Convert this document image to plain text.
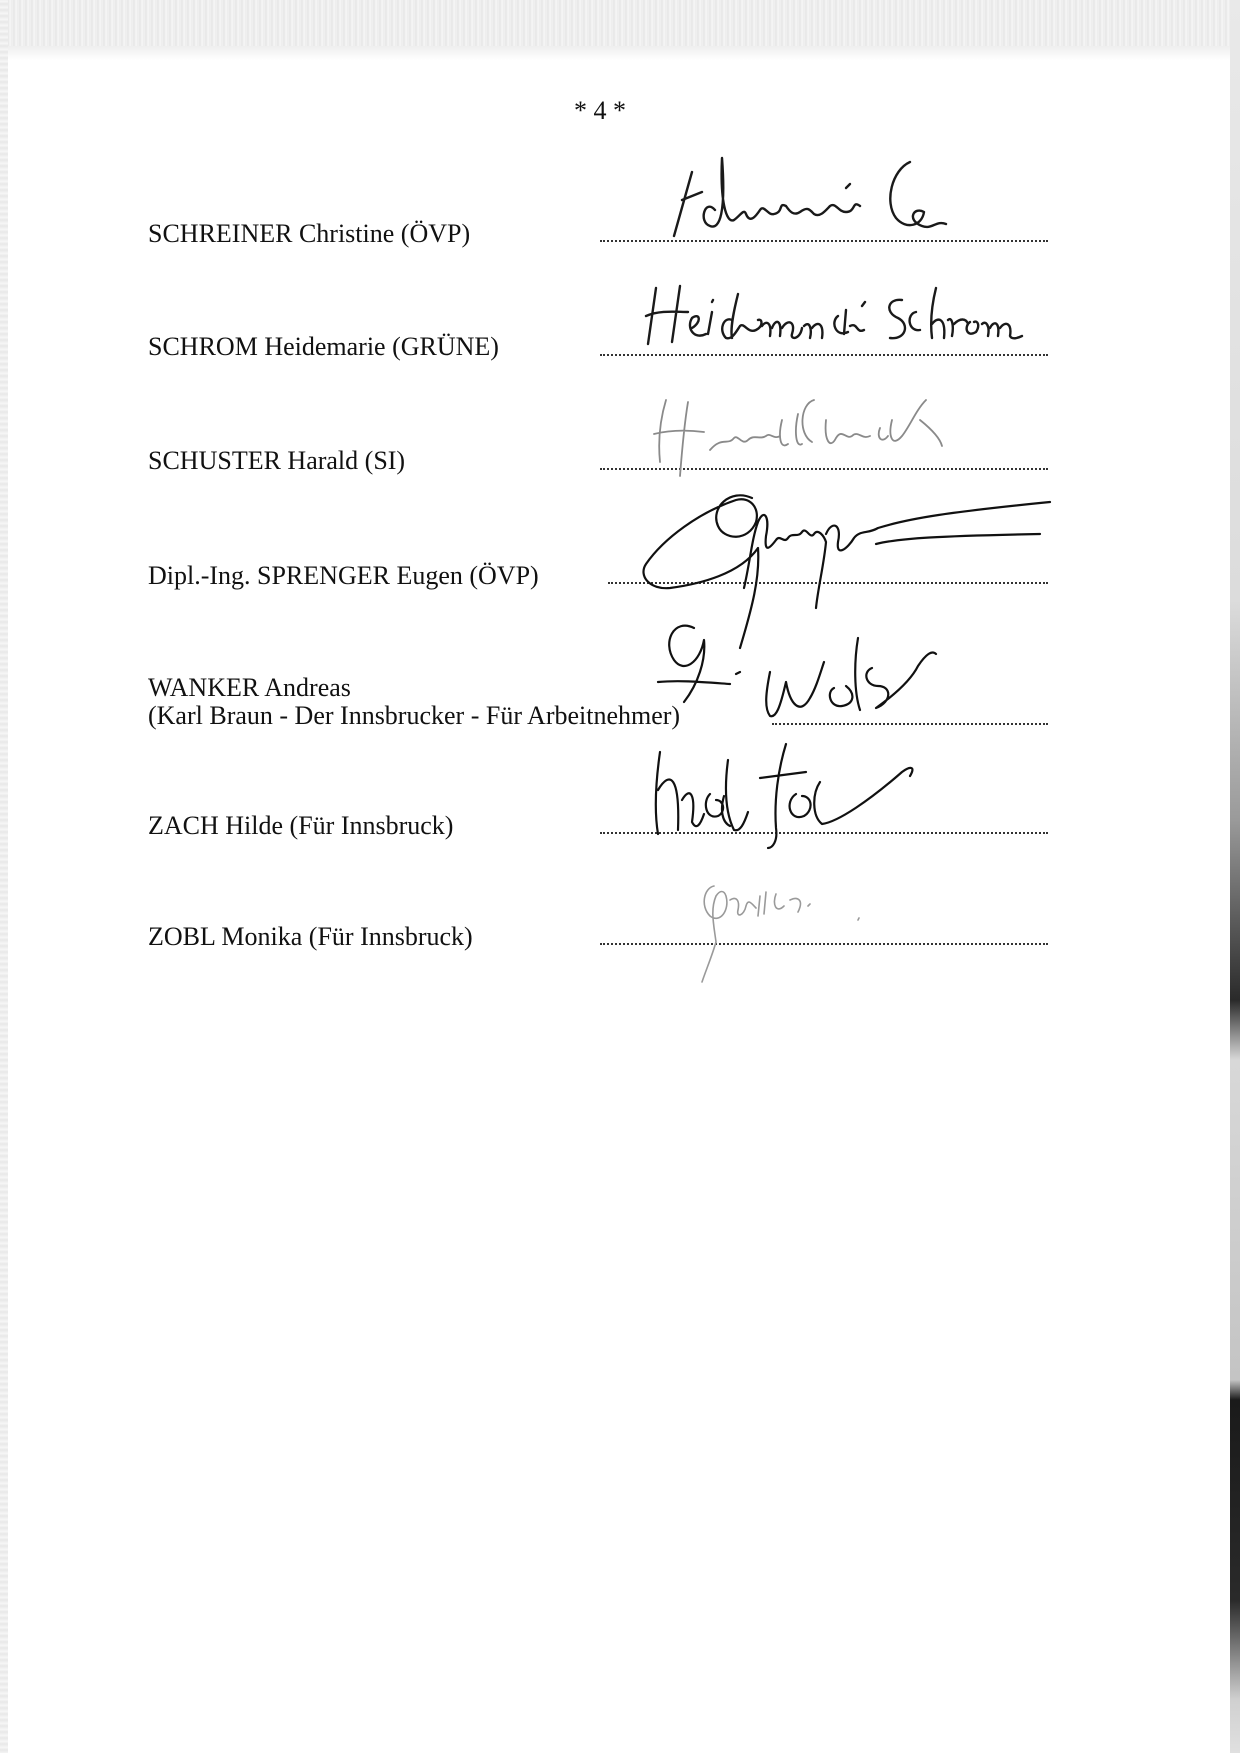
* 4 *
SCHREINER Christine (ÖVP)
SCHROM Heidemarie (GRÜNE)
SCHUSTER Harald (SI)
Dipl.-Ing. SPRENGER Eugen (ÖVP)
WANKER Andreas
(Karl Braun - Der Innsbrucker - Für Arbeitnehmer)
ZACH Hilde (Für Innsbruck)
ZOBL Monika (Für Innsbruck)
